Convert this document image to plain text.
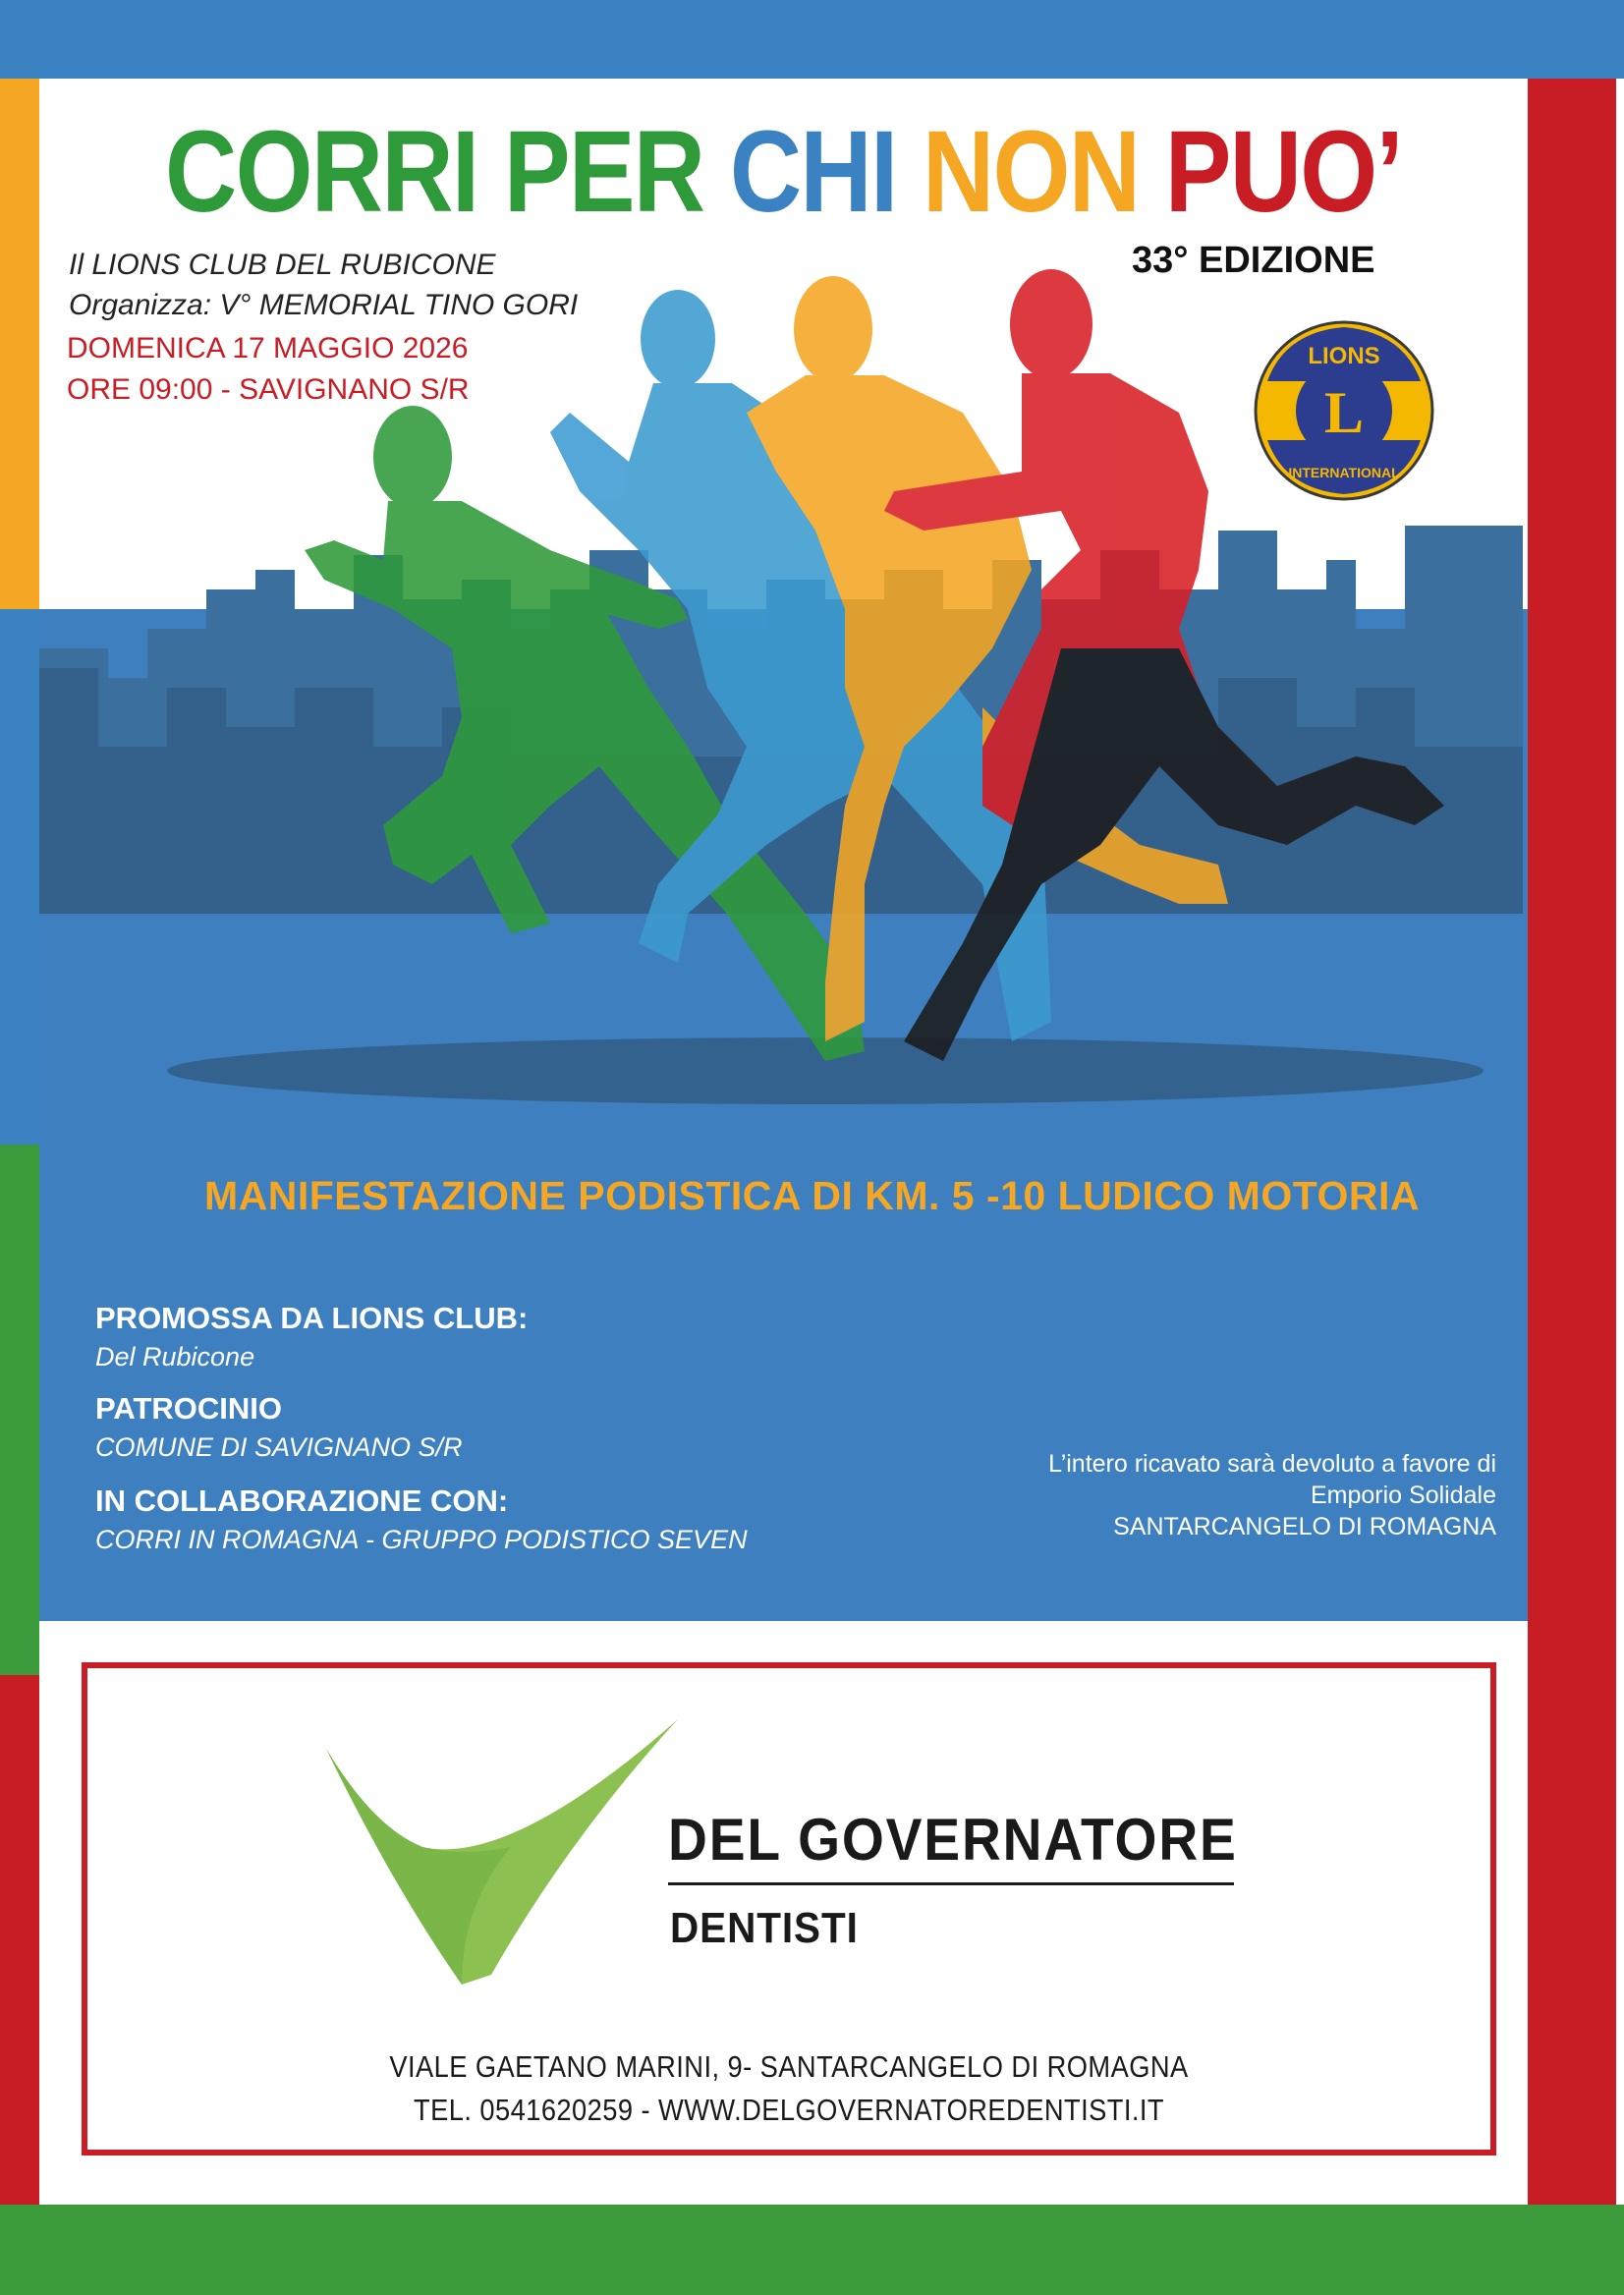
CORRI PER CHI NON PUO’
33° EDIZIONE
Il LIONS CLUB DEL RUBICONE
Organizza: V° MEMORIAL TINO GORI
DOMENICA 17 MAGGIO 2026
ORE 09:00 - SAVIGNANO S/R
LIONS
L
INTERNATIONAL
MANIFESTAZIONE PODISTICA DI KM. 5 -10 LUDICO MOTORIA
PROMOSSA DA LIONS CLUB:
Del Rubicone
PATROCINIO
COMUNE DI SAVIGNANO S/R
IN COLLABORAZIONE CON:
CORRI IN ROMAGNA - GRUPPO PODISTICO SEVEN
L’intero ricavato sarà devoluto a favore di
Emporio Solidale
SANTARCANGELO DI ROMAGNA
DEL GOVERNATORE
DENTISTI
VIALE GAETANO MARINI, 9- SANTARCANGELO DI ROMAGNA
TEL. 0541620259 - WWW.DELGOVERNATOREDENTISTI.IT
